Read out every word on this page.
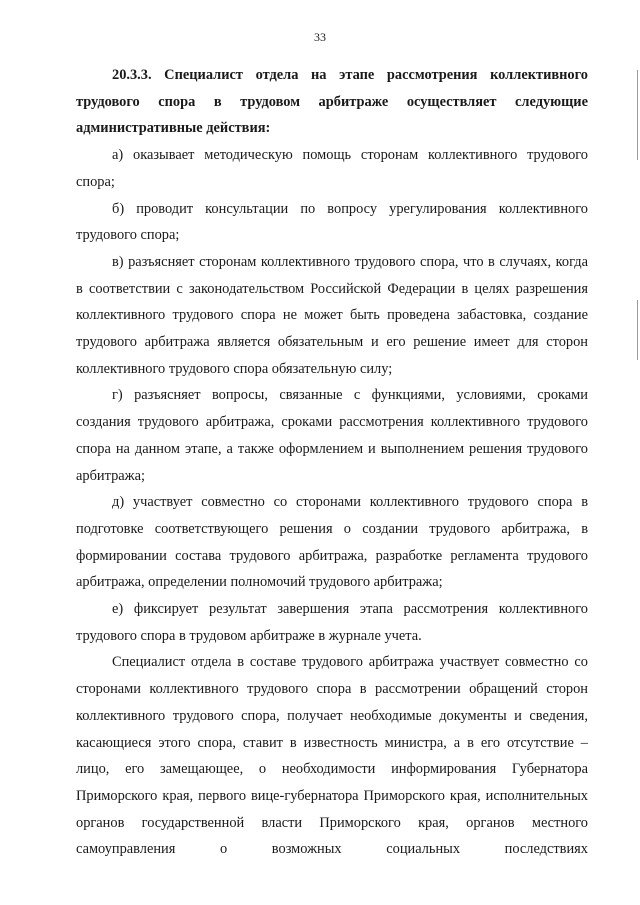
33

20.3.3. Специалист отдела на этапе рассмотрения коллективного трудового спора в трудовом арбитраже осуществляет следующие административные действия:

а) оказывает методическую помощь сторонам коллективного трудового спора;

б) проводит консультации по вопросу урегулирования коллективного трудового спора;

в) разъясняет сторонам коллективного трудового спора, что в случаях, когда в соответствии с законодательством Российской Федерации в целях разрешения коллективного трудового спора не может быть проведена забастовка, создание трудового арбитража является обязательным и его решение имеет для сторон коллективного трудового спора обязательную силу;

г) разъясняет вопросы, связанные с функциями, условиями, сроками создания трудового арбитража, сроками рассмотрения коллективного трудового спора на данном этапе, а также оформлением и выполнением решения трудового арбитража;

д) участвует совместно со сторонами коллективного трудового спора в подготовке соответствующего решения о создании трудового арбитража, в формировании состава трудового арбитража, разработке регламента трудового арбитража, определении полномочий трудового арбитража;

е) фиксирует результат завершения этапа рассмотрения коллективного трудового спора в трудовом арбитраже в журнале учета.

Специалист отдела в составе трудового арбитража участвует совместно со сторонами коллективного трудового спора в рассмотрении обращений сторон коллективного трудового спора, получает необходимые документы и сведения, касающиеся этого спора, ставит в известность министра, а в его отсутствие – лицо, его замещающее, о необходимости информирования Губернатора Приморского края, первого вице-губернатора Приморского края, исполнительных органов государственной власти Приморского края, органов местного самоуправления о возможных социальных последствиях
